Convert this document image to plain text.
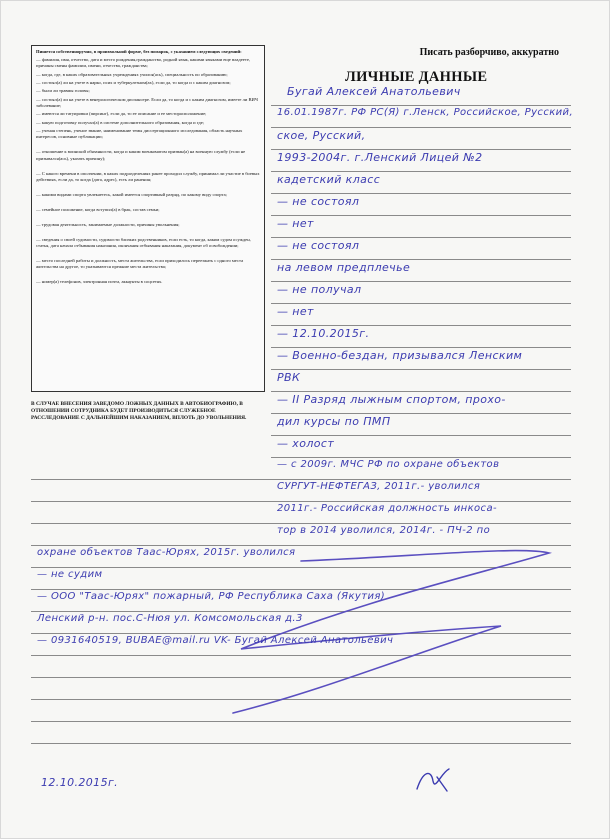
Пишется собственноручно, в произвольной форме, без помарок, с указанием следующих сведений:
— фамилия, имя, отчество, дата и место рождения,гражданство, родной язык, какими языками еще владеете, причины смены фамилии, имени, отчества, гражданства;
— когда, где, в каких образовательных учреждениях учился(ась), специальность по образованию;
— состоял(а) ли на учете в нарко, псих и туберкулезном(ах), если да, то когда и с каким диагнозом;
— были ли травмы головы;
— состоял(а) ли на учете в венерологическом диспансере. Если да, то когда и с каким диагнозом, имеете ли ВИЧ заболевание;
— имеются ли татуировки (пирсинг), если да, то ее описание и ее месторасположение;
— какую подготовку получал(а) в системе дополнительного образования, когда и где;
— ученая степень, ученое звание, наименование темы диссертационного исследования, область научных интересов, основные публикации;
— отношение к воинской обязанности, когда и каким военкоматом призван(а) на военную службу (если не призывался(ась), указать причину);
— С какого времени в ополчении, в каких подразделениях ранее проходил службу, принимал ли участие в боевых действиях, если да, то когда (дата, адрес), есть ли ранения;
— какими видами спорта увлекаетесь, какой имеется спортивный разряд, по какому виду спорта;
— семейное положение, когда вступил(а) в брак, состав семьи;
— трудовая деятельность, занимаемые должности, причины увольнения;
— сведения о своей судимости, судимости близких родственников, если есть, то когда, каким судом осужден, статья, дата начала отбывания наказания, окончания отбывания наказания, документ об освобождении;
— место последней работы и должность, места жительства, если приходилось переезжать с одного места жительства на другое, то указываются прежние места жительства;
— номер(а) телефонов, электронная почта, аккаунты в соцсетях.
В СЛУЧАЕ ВНЕСЕНИЯ ЗАВЕДОМО ЛОЖНЫХ ДАННЫХ В АВТОБИОГРАФИЮ, В ОТНОШЕНИИ СОТРУДНИКА БУДЕТ ПРОИЗВОДИТЬСЯ СЛУЖЕБНОЕ РАССЛЕДОВАНИЕ С ДАЛЬНЕЙШИМ НАКАЗАНИЕМ, ВПЛОТЬ ДО УВОЛЬНЕНИЯ.
Писать разборчиво, аккуратно
ЛИЧНЫЕ ДАННЫЕ
Бугай Алексей Анатольевич
16.01.1987г. РФ РС(Я) г.Ленск, Российское, Русский,
ское, Русский,
1993-2004г. г.Ленский Лицей №2
кадетский класс
— не состоял
— нет
— не состоял
на левом предплечье
— не получал
— нет
— 12.10.2015г.
— Военно-бездан, призывался Ленским
РВК
— II Разряд лыжным спортом, прохо-
дил курсы по ПМП
— холост
— с 2009г. МЧС РФ по охране объектов
СУРГУТ-НЕФТЕГАЗ, 2011г.- уволился
2011г.- Российская должность инкоса-
тор в 2014 уволился, 2014г. - ПЧ-2 по
12.10.2015г.
охране объектов Таас-Юрях, 2015г. уволился
— не судим
— ООО "Таас-Юрях" пожарный, РФ Республика Саха (Якутия)
Ленский р-н. пос.С-Нюя ул. Комсомольская д.3
— 0931640519, BUBAE@mail.ru VK- Бугай Алексей Анатольевич
